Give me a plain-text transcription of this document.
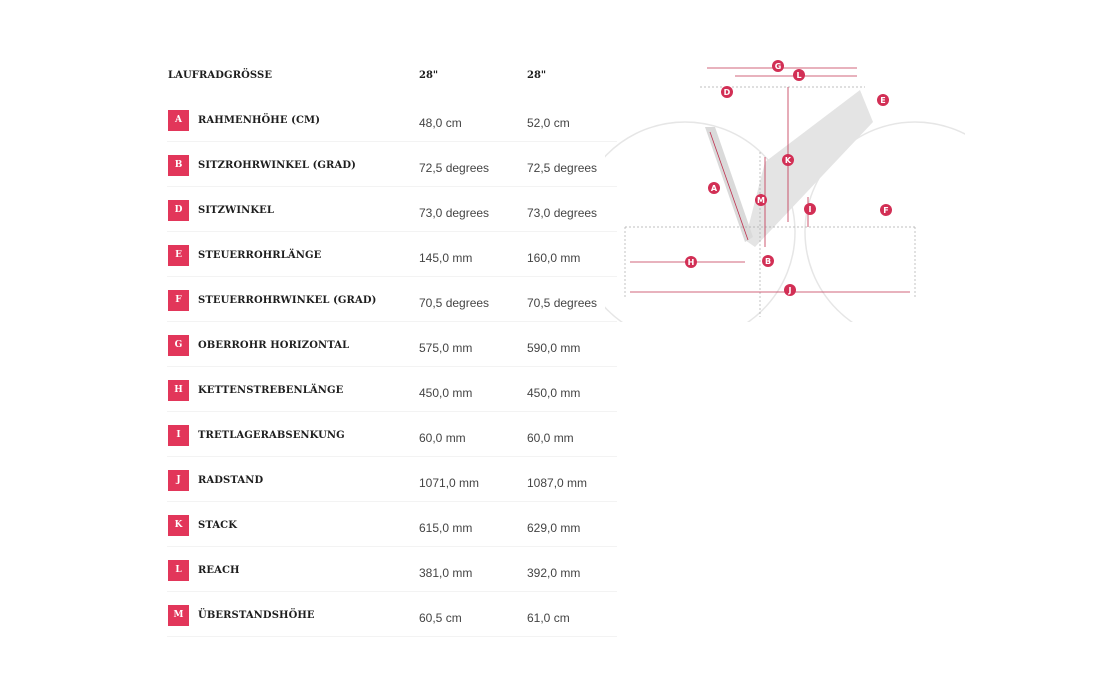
LAUFRADGRÖSSE	28"	28"
A	RAHMENHÖHE (CM)	48,0 cm	52,0 cm
B	SITZROHRWINKEL (GRAD)	72,5 degrees	72,5 degrees
D	SITZWINKEL	73,0 degrees	73,0 degrees
E	STEUERROHRLÄNGE	145,0 mm	160,0 mm
F	STEUERROHRWINKEL (GRAD)	70,5 degrees	70,5 degrees
G	OBERROHR HORIZONTAL	575,0 mm	590,0 mm
H	KETTENSTREBENLÄNGE	450,0 mm	450,0 mm
I	TRETLAGERABSENKUNG	60,0 mm	60,0 mm
J	RADSTAND	1071,0 mm	1087,0 mm
K	STACK	615,0 mm	629,0 mm
L	REACH	381,0 mm	392,0 mm
M	ÜBERSTANDSHÖHE	60,5 cm	61,0 cm
G
L
D
E
K
A
M
I	F
H	B
J
